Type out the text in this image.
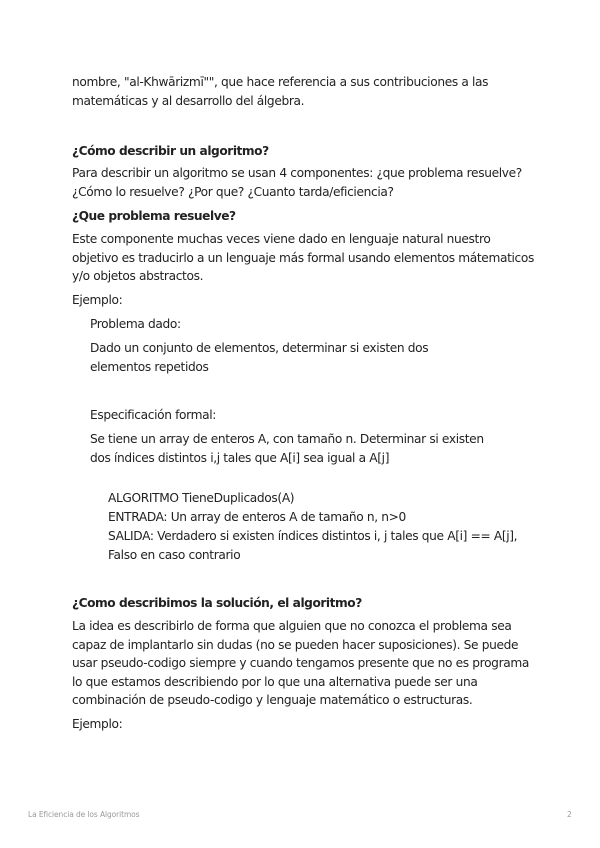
nombre, "al-Khwārizmī"", que hace referencia a sus contribuciones a las

matemáticas y al desarrollo del álgebra.

¿Cómo describir un algoritmo?

Para describir un algoritmo se usan 4 componentes: ¿que problema resuelve?
¿Cómo lo resuelve? ¿Por que? ¿Cuanto tarda/eficiencia?

¿Que problema resuelve?

Este componente muchas veces viene dado en lenguaje natural nuestro
objetivo es traducirlo a un lenguaje más formal usando elementos mátematicos
y/o objetos abstractos.

Ejemplo:

Problema dado:

Dado un conjunto de elementos, determinar si existen dos
elementos repetidos

Especificación formal:

Se tiene un array de enteros A, con tamaño n. Determinar si existen
dos índices distintos i,j tales que A[i] sea igual a A[j]

ALGORITMO TieneDuplicados(A)

ENTRADA: Un array de enteros A de tamaño n, n>0

SALIDA: Verdadero si existen índices distintos i, j tales que A[i] == A[j],
Falso en caso contrario

¿Como describimos la solución, el algoritmo?

La idea es describirlo de forma que alguien que no conozca el problema sea
capaz de implantarlo sin dudas (no se pueden hacer suposiciones). Se puede
usar pseudo-codigo siempre y cuando tengamos presente que no es programa
lo que estamos describiendo por lo que una alternativa puede ser una
combinación de pseudo-codigo y lenguaje matemático o estructuras.

Ejemplo:

La Eficiencia de los Algoritmos	2
